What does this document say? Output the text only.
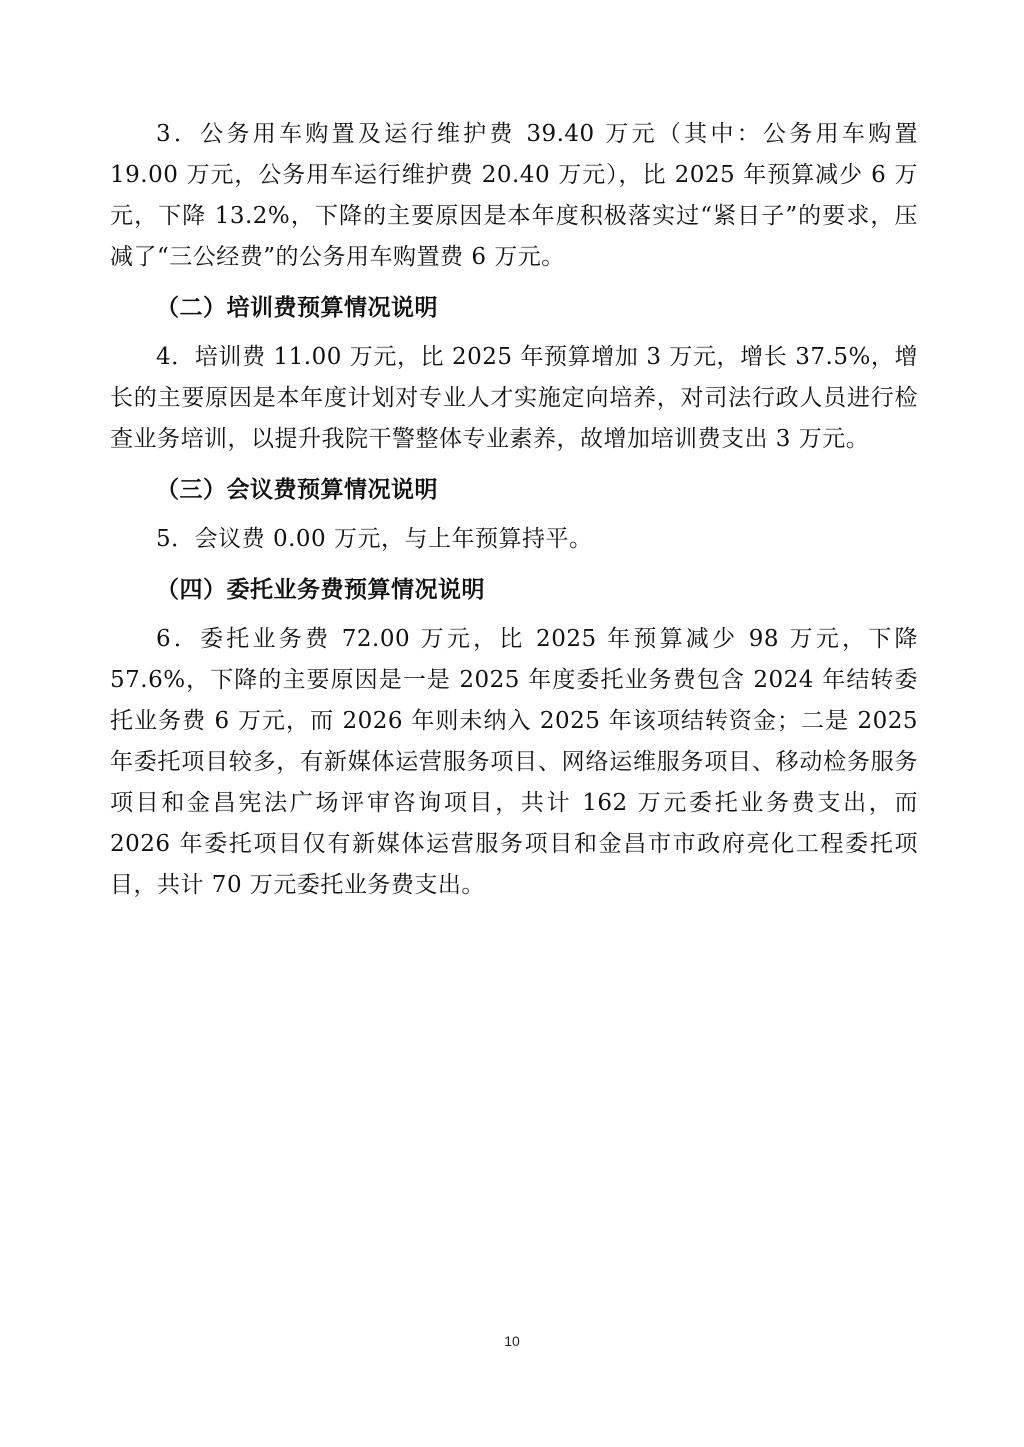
3．公务用车购置及运行维护费 39.40 万元（其中：公务用车购置 19.00 万元，公务用车运行维护费 20.40 万元），比 2025 年预算减少 6 万元，下降 13.2%，下降的主要原因是本年度积极落实过“紧日子”的要求，压减了“三公经费”的公务用车购置费 6 万元。

（二）培训费预算情况说明

4．培训费 11.00 万元，比 2025 年预算增加 3 万元，增长 37.5%，增长的主要原因是本年度计划对专业人才实施定向培养，对司法行政人员进行检查业务培训，以提升我院干警整体专业素养，故增加培训费支出 3 万元。

（三）会议费预算情况说明

5．会议费 0.00 万元，与上年预算持平。

（四）委托业务费预算情况说明

6．委托业务费 72.00 万元，比 2025 年预算减少 98 万元，下降 57.6%，下降的主要原因是一是 2025 年度委托业务费包含 2024 年结转委托业务费 6 万元，而 2026 年则未纳入 2025 年该项结转资金；二是 2025 年委托项目较多，有新媒体运营服务项目、网络运维服务项目、移动检务服务项目和金昌宪法广场评审咨询项目，共计 162 万元委托业务费支出，而 2026 年委托项目仅有新媒体运营服务项目和金昌市市政府亮化工程委托项目，共计 70 万元委托业务费支出。

10
